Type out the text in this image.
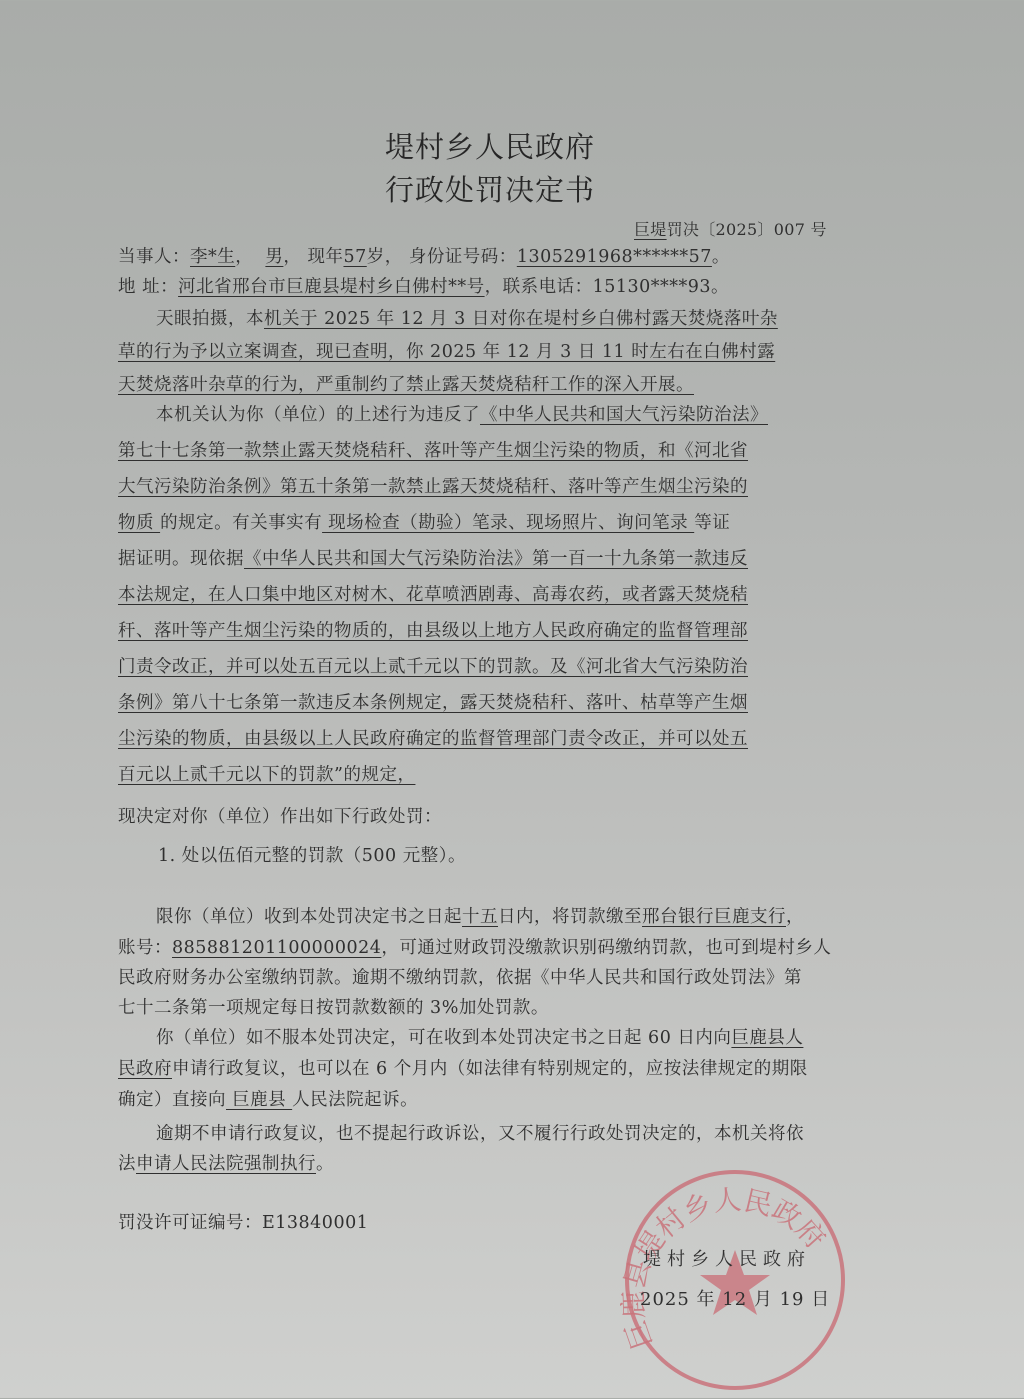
堤村乡人民政府
行政处罚决定书
巨堤罚决〔2025〕007 号
当事人：李*生， 男， 现年57岁， 身份证号码：1305291968******57。
地 址：河北省邢台市巨鹿县堤村乡白佛村**号，联系电话：15130****93。
天眼拍摄，本机关于 2025 年 12 月 3 日对你在堤村乡白佛村露天焚烧落叶杂
草的行为予以立案调查，现已查明，你 2025 年 12 月 3 日 11 时左右在白佛村露
天焚烧落叶杂草的行为，严重制约了禁止露天焚烧秸秆工作的深入开展。
本机关认为你（单位）的上述行为违反了《中华人民共和国大气污染防治法》
第七十七条第一款禁止露天焚烧秸秆、落叶等产生烟尘污染的物质，和《河北省
大气污染防治条例》第五十条第一款禁止露天焚烧秸秆、落叶等产生烟尘污染的
物质 的规定。有关事实有 现场检查（勘验）笔录、现场照片、询问笔录 等证
据证明。现依据《中华人民共和国大气污染防治法》第一百一十九条第一款违反
本法规定，在人口集中地区对树木、花草喷洒剧毒、高毒农药，或者露天焚烧秸
秆、落叶等产生烟尘污染的物质的，由县级以上地方人民政府确定的监督管理部
门责令改正，并可以处五百元以上贰千元以下的罚款。及《河北省大气污染防治
条例》第八十七条第一款违反本条例规定，露天焚烧秸秆、落叶、枯草等产生烟
尘污染的物质，由县级以上人民政府确定的监督管理部门责令改正，并可以处五
百元以上贰千元以下的罚款”的规定，
现决定对你（单位）作出如下行政处罚：
1. 处以伍佰元整的罚款（500 元整）。
限你（单位）收到本处罚决定书之日起十五日内，将罚款缴至邢台银行巨鹿支行，
账号：885881201100000024，可通过财政罚没缴款识别码缴纳罚款，也可到堤村乡人
民政府财务办公室缴纳罚款。逾期不缴纳罚款，依据《中华人民共和国行政处罚法》第
七十二条第一项规定每日按罚款数额的 3%加处罚款。
你（单位）如不服本处罚决定，可在收到本处罚决定书之日起 60 日内向巨鹿县人
民政府申请行政复议，也可以在 6 个月内（如法律有特别规定的，应按法律规定的期限
确定）直接向 巨鹿县 人民法院起诉。
逾期不申请行政复议，也不提起行政诉讼，又不履行行政处罚决定的，本机关将依
法申请人民法院强制执行。
罚没许可证编号：E13840001
巨鹿县堤村乡人民政府
堤村乡人民政府
2025 年 12 月 19 日
